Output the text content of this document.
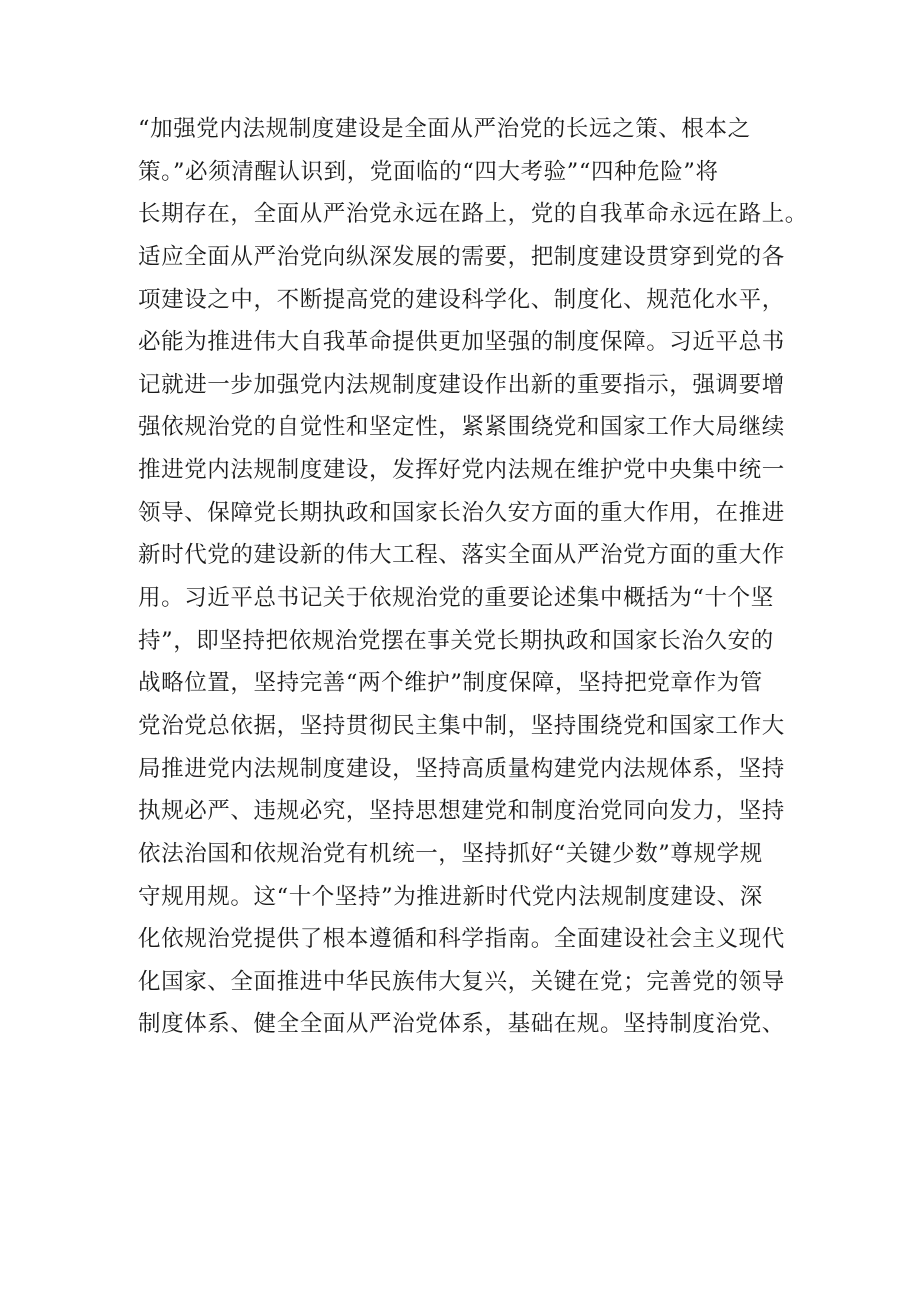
“加强党内法规制度建设是全面从严治党的长远之策、根本之
策。”必须清醒认识到，党面临的“四大考验”“四种危险”将
长期存在，全面从严治党永远在路上，党的自我革命永远在路上。
适应全面从严治党向纵深发展的需要，把制度建设贯穿到党的各
项建设之中，不断提高党的建设科学化、制度化、规范化水平，
必能为推进伟大自我革命提供更加坚强的制度保障。习近平总书
记就进一步加强党内法规制度建设作出新的重要指示，强调要增
强依规治党的自觉性和坚定性，紧紧围绕党和国家工作大局继续
推进党内法规制度建设，发挥好党内法规在维护党中央集中统一
领导、保障党长期执政和国家长治久安方面的重大作用，在推进
新时代党的建设新的伟大工程、落实全面从严治党方面的重大作
用。习近平总书记关于依规治党的重要论述集中概括为“十个坚
持”，即坚持把依规治党摆在事关党长期执政和国家长治久安的
战略位置，坚持完善“两个维护”制度保障，坚持把党章作为管
党治党总依据，坚持贯彻民主集中制，坚持围绕党和国家工作大
局推进党内法规制度建设，坚持高质量构建党内法规体系，坚持
执规必严、违规必究，坚持思想建党和制度治党同向发力，坚持
依法治国和依规治党有机统一，坚持抓好“关键少数”尊规学规
守规用规。这“十个坚持”为推进新时代党内法规制度建设、深
化依规治党提供了根本遵循和科学指南。全面建设社会主义现代
化国家、全面推进中华民族伟大复兴，关键在党；完善党的领导
制度体系、健全全面从严治党体系，基础在规。坚持制度治党、
